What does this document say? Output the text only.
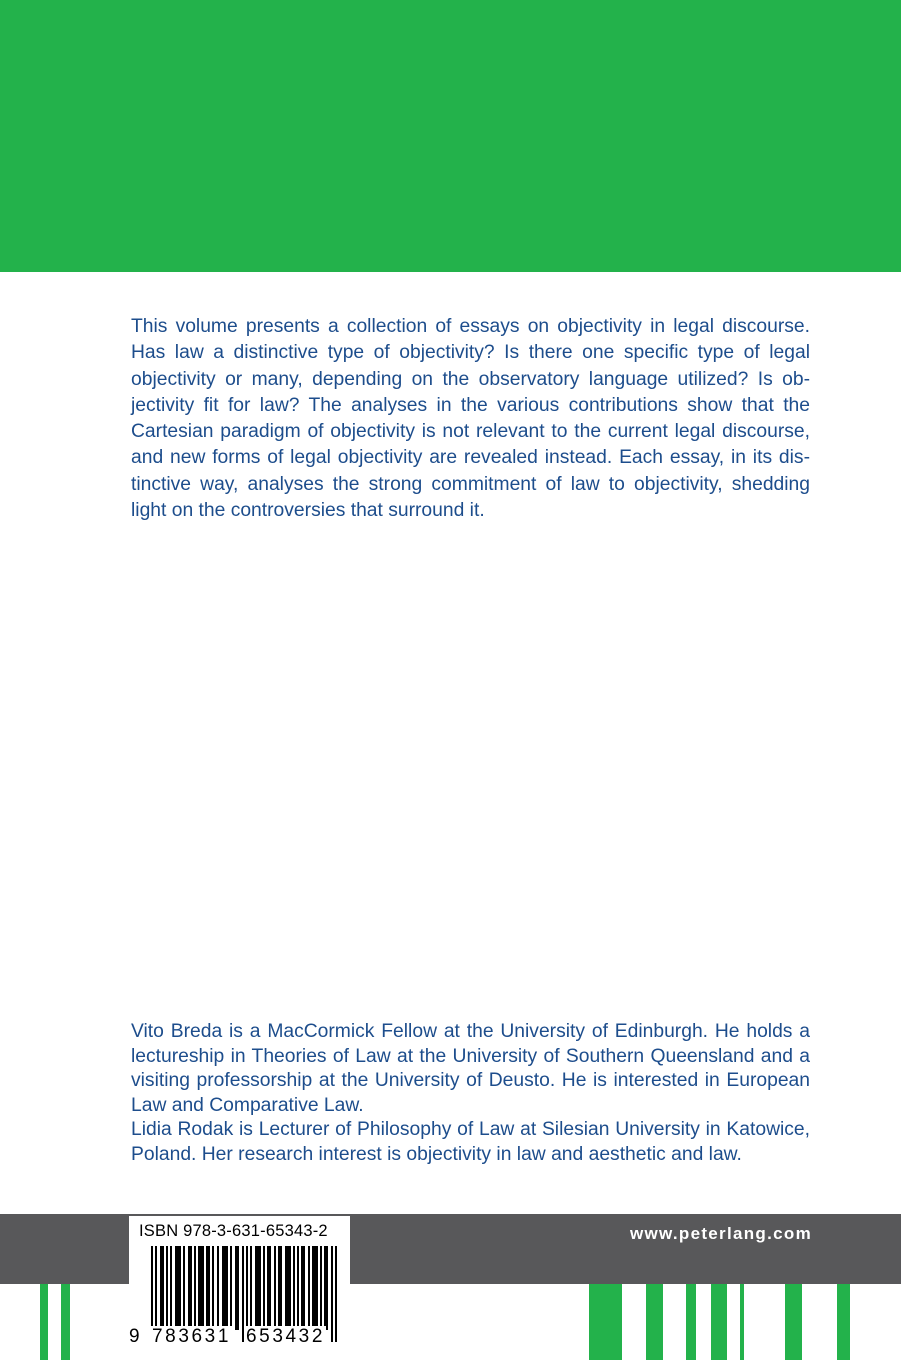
This volume presents a collection of essays on objectivity in legal discourse. Has law a distinctive type of objectivity? Is there one specific type of legal objectivity or many, depending on the observatory language utilized? Is objectivity fit for law? The analyses in the various contributions show that the Cartesian paradigm of objectivity is not relevant to the current legal discourse, and new forms of legal objectivity are revealed instead. Each essay, in its distinctive way, analyses the strong commitment of law to objectivity, shedding light on the controversies that surround it.

Vito Breda is a MacCormick Fellow at the University of Edinburgh. He holds a lectureship in Theories of Law at the University of Southern Queensland and a visiting professorship at the University of Deusto. He is interested in European Law and Comparative Law.

Lidia Rodak is Lecturer of Philosophy of Law at Silesian University in Katowice, Poland. Her research interest is objectivity in law and aesthetic and law.

www.peterlang.com
ISBN 978-3-631-65343-2
9 783631 653432
